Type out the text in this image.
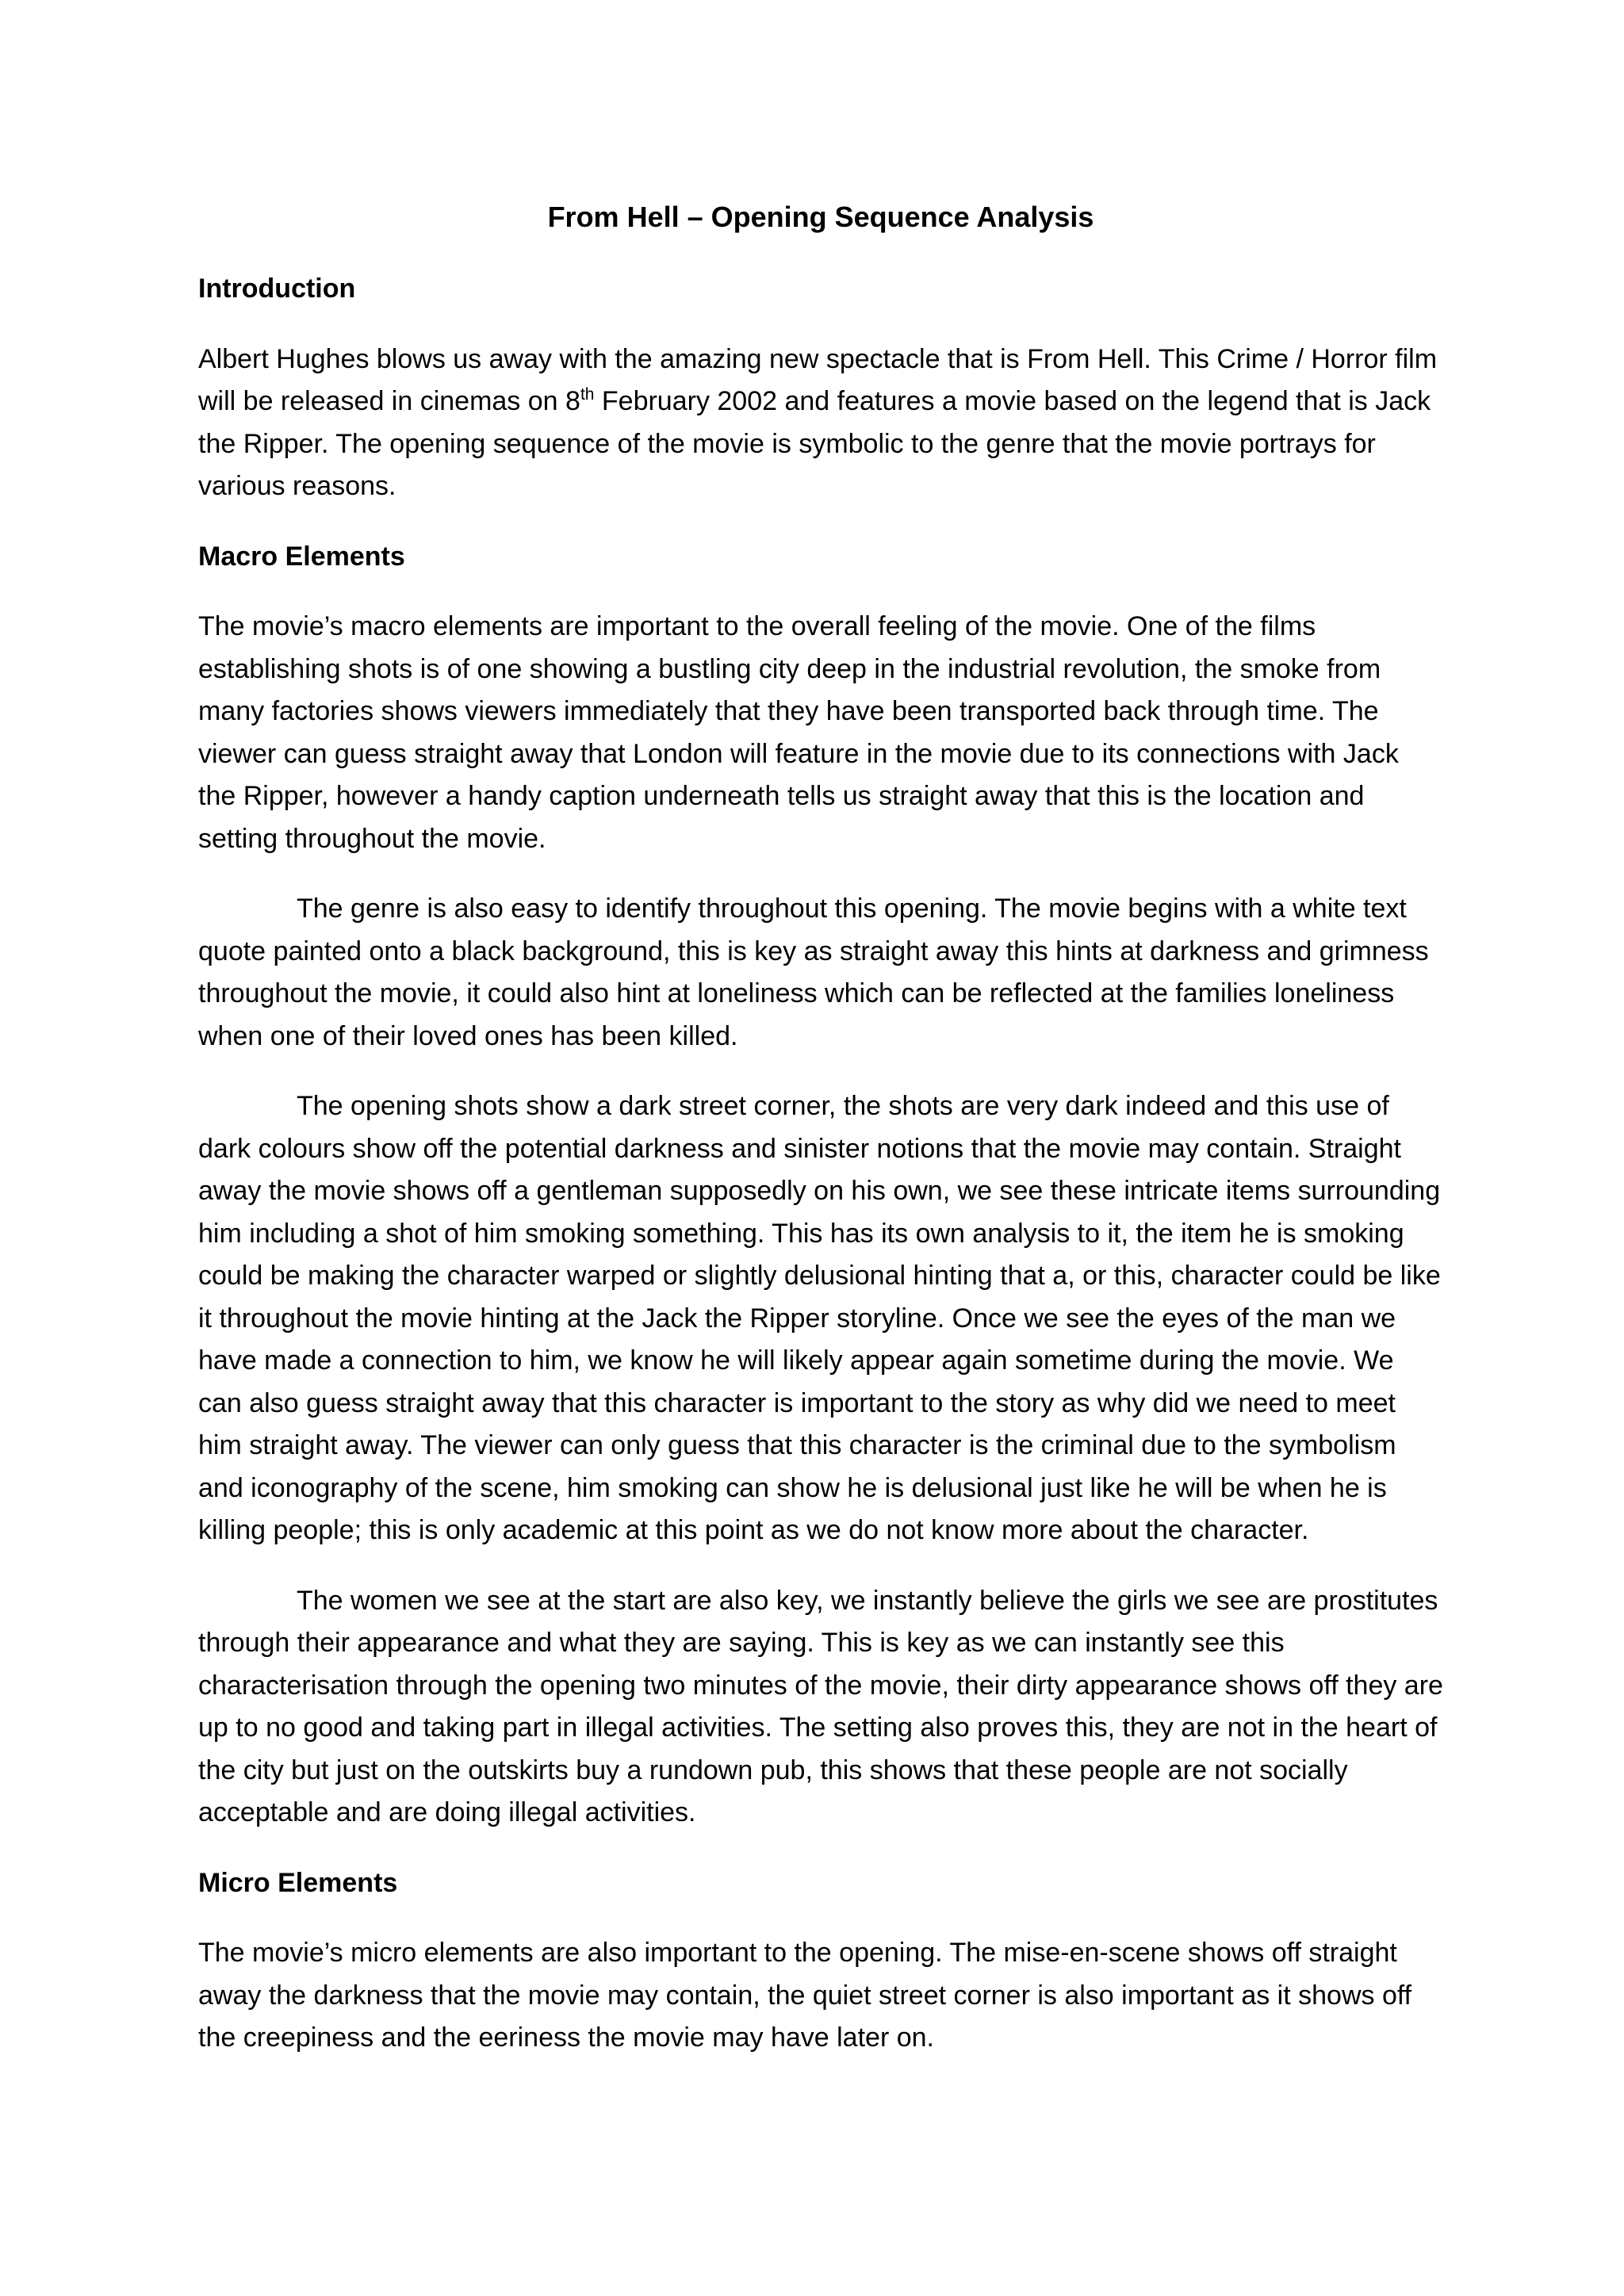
From Hell – Opening Sequence Analysis
Introduction

Albert Hughes blows us away with the amazing new spectacle that is From Hell. This Crime / Horror film will be released in cinemas on 8th February 2002 and features a movie based on the legend that is Jack the Ripper. The opening sequence of the movie is symbolic to the genre that the movie portrays for various reasons.

Macro Elements

The movie’s macro elements are important to the overall feeling of the movie. One of the films establishing shots is of one showing a bustling city deep in the industrial revolution, the smoke from many factories shows viewers immediately that they have been transported back through time. The viewer can guess straight away that London will feature in the movie due to its connections with Jack the Ripper, however a handy caption underneath tells us straight away that this is the location and setting throughout the movie.

The genre is also easy to identify throughout this opening. The movie begins with a white text quote painted onto a black background, this is key as straight away this hints at darkness and grimness throughout the movie, it could also hint at loneliness which can be reflected at the families loneliness when one of their loved ones has been killed.

The opening shots show a dark street corner, the shots are very dark indeed and this use of dark colours show off the potential darkness and sinister notions that the movie may contain. Straight away the movie shows off a gentleman supposedly on his own, we see these intricate items surrounding him including a shot of him smoking something. This has its own analysis to it, the item he is smoking could be making the character warped or slightly delusional hinting that a, or this, character could be like it throughout the movie hinting at the Jack the Ripper storyline. Once we see the eyes of the man we have made a connection to him, we know he will likely appear again sometime during the movie. We can also guess straight away that this character is important to the story as why did we need to meet him straight away. The viewer can only guess that this character is the criminal due to the symbolism and iconography of the scene, him smoking can show he is delusional just like he will be when he is killing people; this is only academic at this point as we do not know more about the character.

The women we see at the start are also key, we instantly believe the girls we see are prostitutes through their appearance and what they are saying. This is key as we can instantly see this characterisation through the opening two minutes of the movie, their dirty appearance shows off they are up to no good and taking part in illegal activities. The setting also proves this, they are not in the heart of the city but just on the outskirts buy a rundown pub, this shows that these people are not socially acceptable and are doing illegal activities.

Micro Elements

The movie’s micro elements are also important to the opening. The mise-en-scene shows off straight away the darkness that the movie may contain, the quiet street corner is also important as it shows off the creepiness and the eeriness the movie may have later on.
